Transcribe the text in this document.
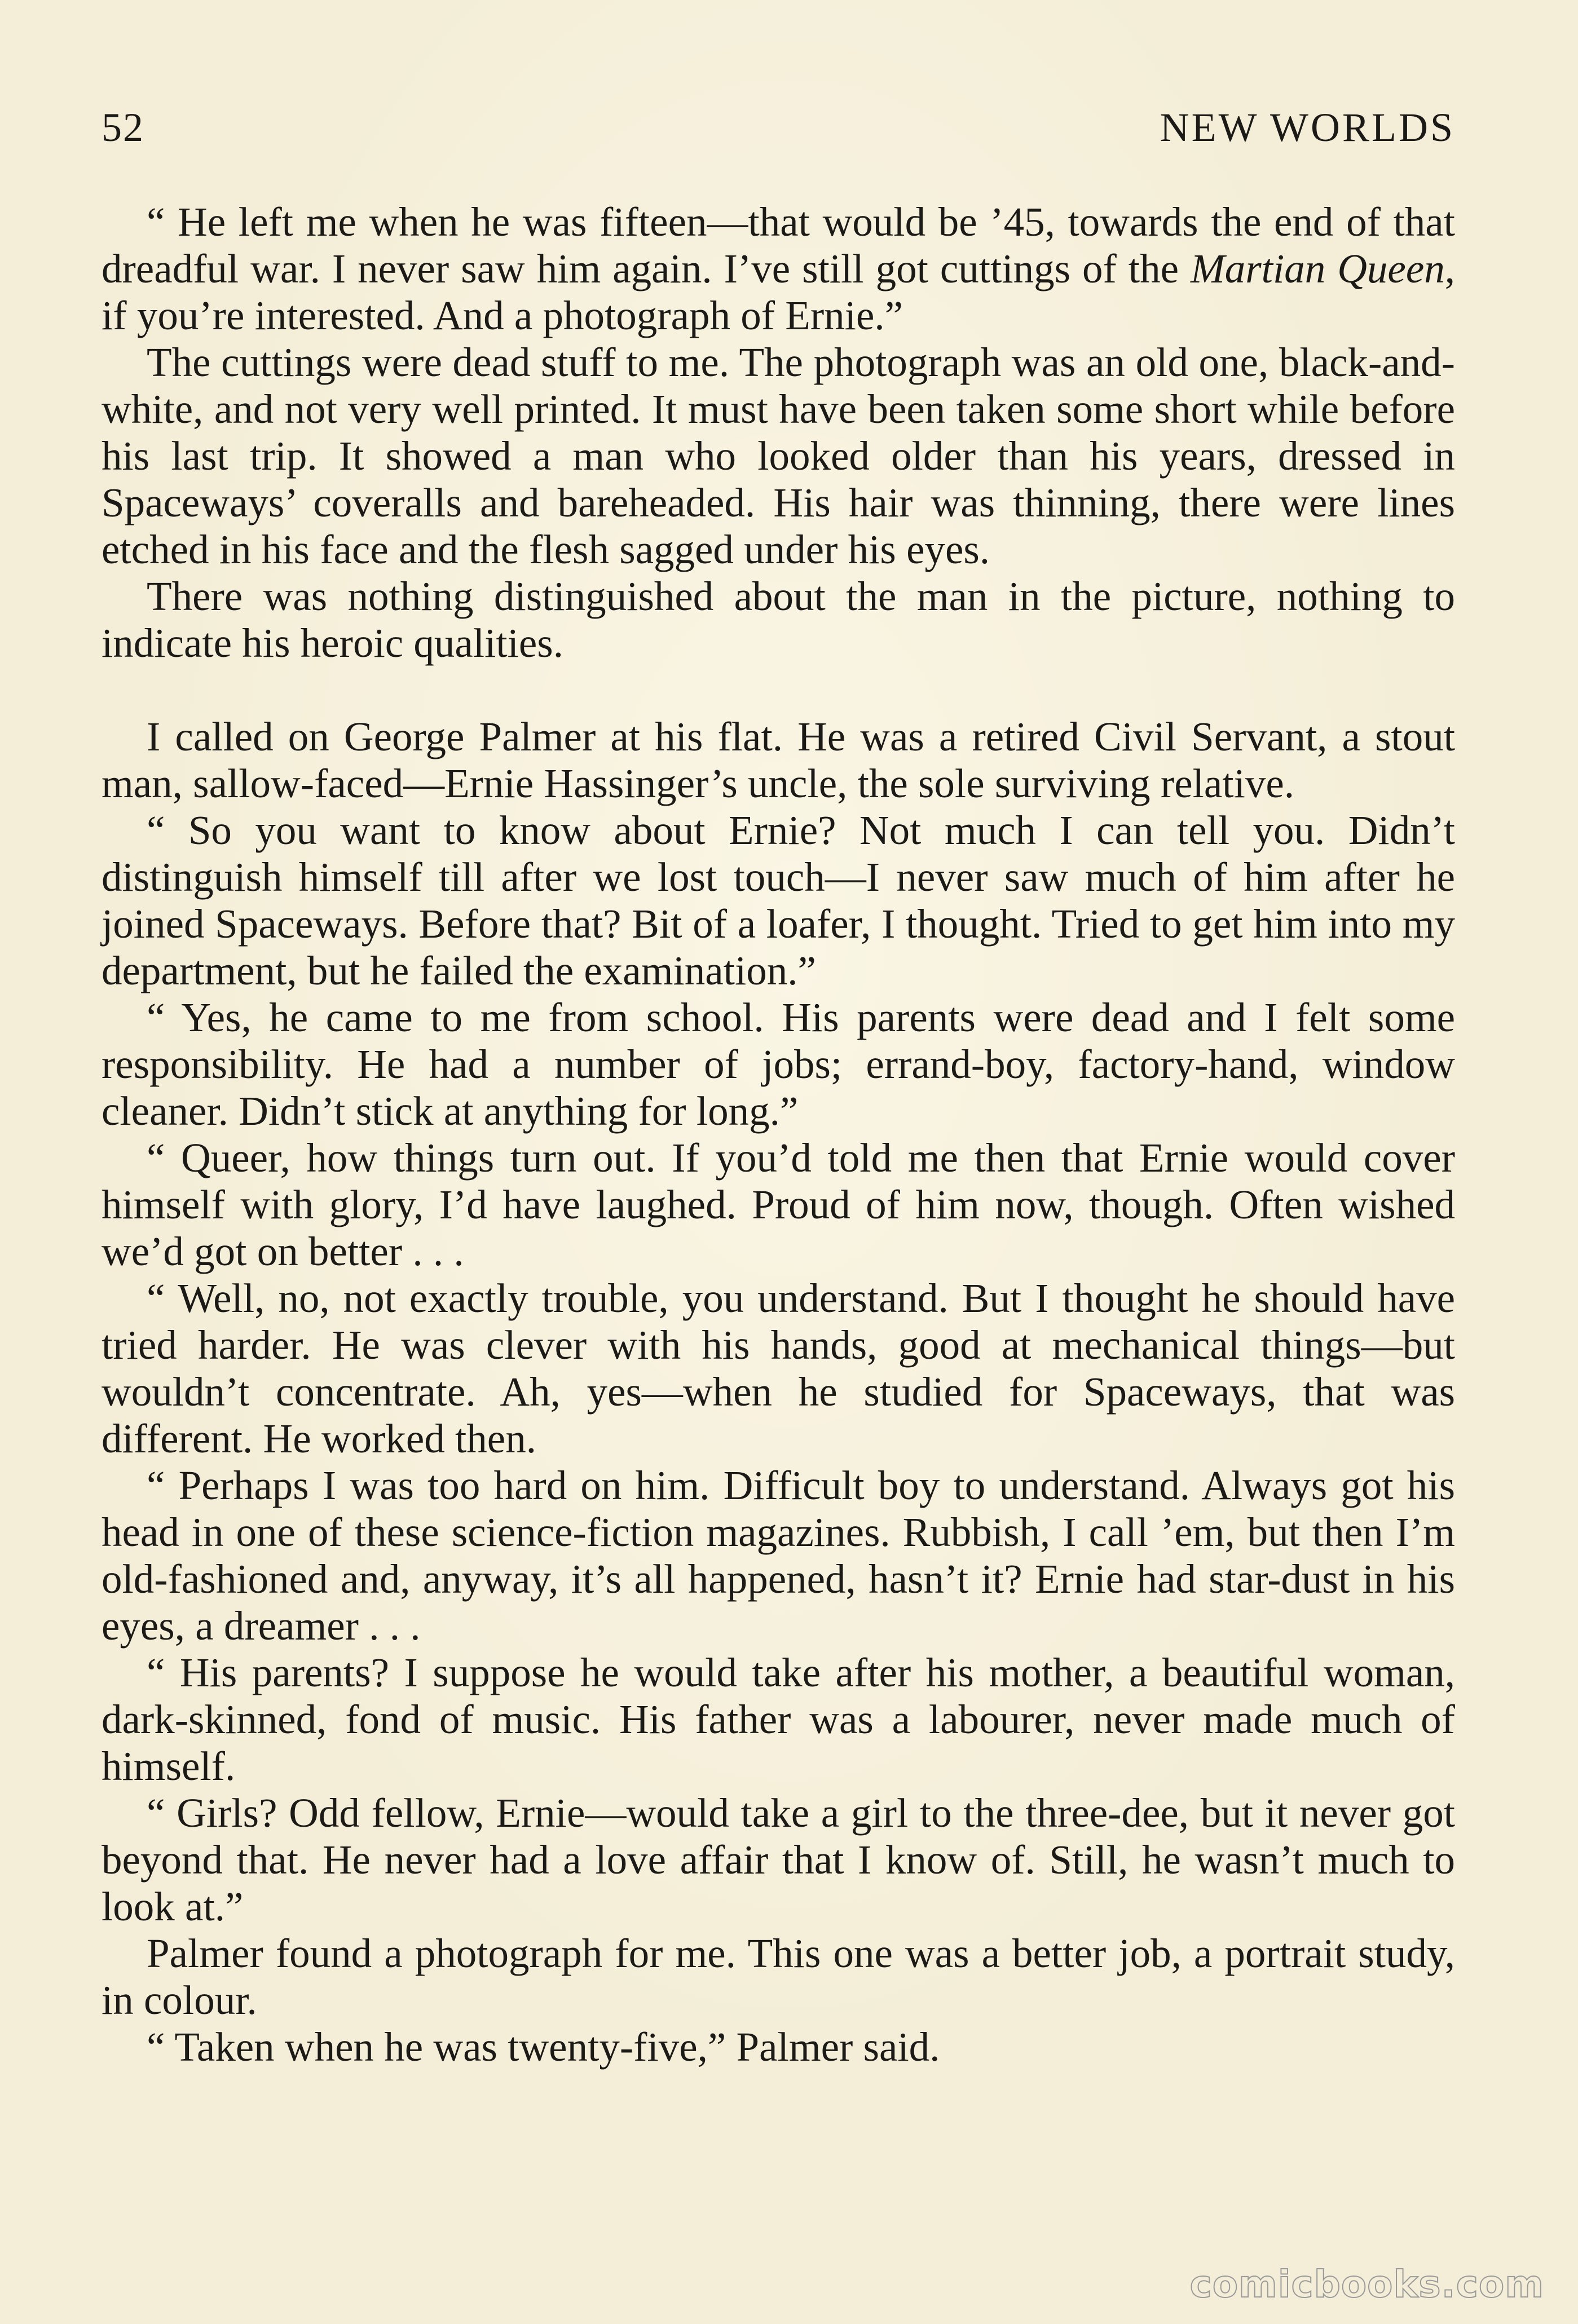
52	NEW WORLDS

“ He left me when he was fifteen—that would be ’45, towards the end of that dreadful war. I never saw him again. I’ve still got cuttings of the Martian Queen, if you’re interested. And a photograph of Ernie.”

The cuttings were dead stuff to me. The photograph was an old one, black-and-white, and not very well printed. It must have been taken some short while before his last trip. It showed a man who looked older than his years, dressed in Spaceways’ coveralls and bareheaded. His hair was thinning, there were lines etched in his face and the flesh sagged under his eyes.

There was nothing distinguished about the man in the picture, nothing to indicate his heroic qualities.

I called on George Palmer at his flat. He was a retired Civil Servant, a stout man, sallow-faced—Ernie Hassinger’s uncle, the sole surviving relative.

“ So you want to know about Ernie? Not much I can tell you. Didn’t distinguish himself till after we lost touch—I never saw much of him after he joined Spaceways. Before that? Bit of a loafer, I thought. Tried to get him into my department, but he failed the examination.”

“ Yes, he came to me from school. His parents were dead and I felt some responsibility. He had a number of jobs; errand-boy, factory-hand, window cleaner. Didn’t stick at anything for long.”

“ Queer, how things turn out. If you’d told me then that Ernie would cover himself with glory, I’d have laughed. Proud of him now, though. Often wished we’d got on better . . .

“ Well, no, not exactly trouble, you understand. But I thought he should have tried harder. He was clever with his hands, good at mechanical things—but wouldn’t concentrate. Ah, yes—when he studied for Spaceways, that was different. He worked then.

“ Perhaps I was too hard on him. Difficult boy to understand. Always got his head in one of these science-fiction magazines. Rubbish, I call ’em, but then I’m old-fashioned and, anyway, it’s all happened, hasn’t it? Ernie had star-dust in his eyes, a dreamer . . .

“ His parents? I suppose he would take after his mother, a beautiful woman, dark-skinned, fond of music. His father was a labourer, never made much of himself.

“ Girls? Odd fellow, Ernie—would take a girl to the three-dee, but it never got beyond that. He never had a love affair that I know of. Still, he wasn’t much to look at.”

Palmer found a photograph for me. This one was a better job, a portrait study, in colour.

“ Taken when he was twenty-five,” Palmer said.

comicbooks.com
